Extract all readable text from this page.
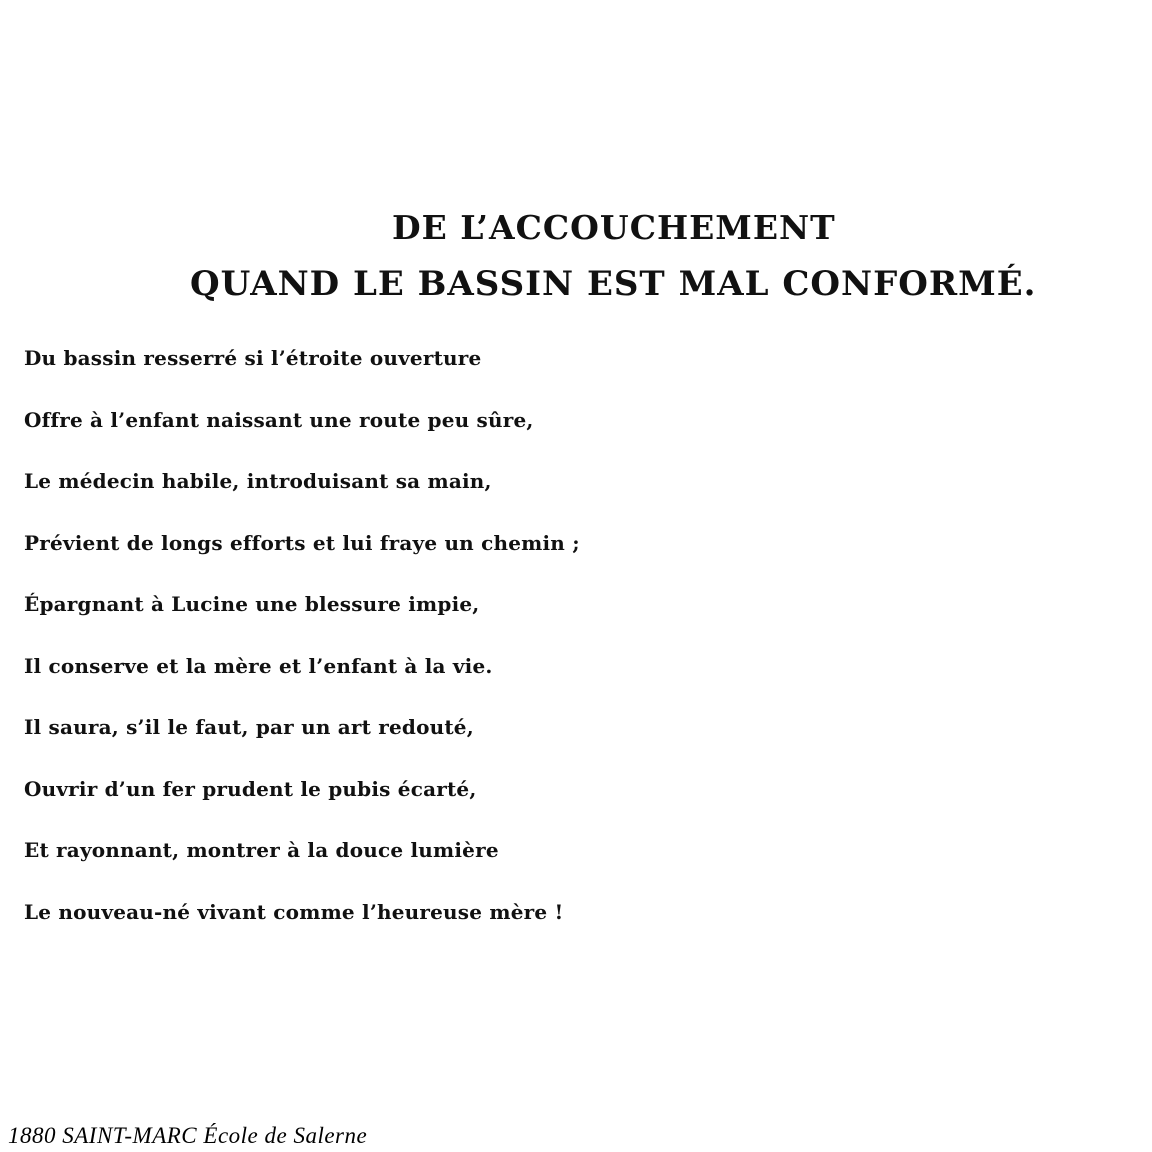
DE L’ACCOUCHEMENT
QUAND LE BASSIN EST MAL CONFORMÉ.
Du bassin resserré si l’étroite ouverture
Offre à l’enfant naissant une route peu sûre,
Le médecin habile, introduisant sa main,
Prévient de longs efforts et lui fraye un chemin ;
Épargnant à Lucine une blessure impie,
Il conserve et la mère et l’enfant à la vie.
Il saura, s’il le faut, par un art redouté,
Ouvrir d’un fer prudent le pubis écarté,
Et rayonnant, montrer à la douce lumière
Le nouveau-né vivant comme l’heureuse mère !
1880 SAINT-MARC École de Salerne
